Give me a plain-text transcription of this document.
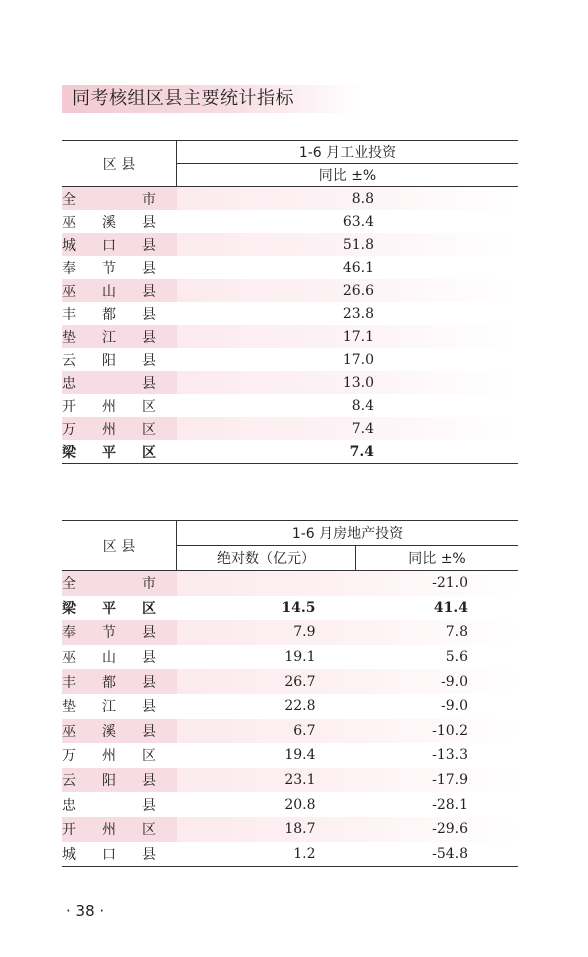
同考核组区县主要统计指标
区 县	1-6 月工业投资
	同比 ±%
全 市	8.8
巫 溪 县	63.4
城 口 县	51.8
奉 节 县	46.1
巫 山 县	26.6
丰 都 县	23.8
垫 江 县	17.1
云 阳 县	17.0
忠 县	13.0
开 州 区	8.4
万 州 区	7.4
梁 平 区	7.4
区 县	1-6 月房地产投资	
	绝对数（亿元）	同比 ±%
全 市		-21.0
梁 平 区	14.5	41.4
奉 节 县	7.9	7.8
巫 山 县	19.1	5.6
丰 都 县	26.7	-9.0
垫 江 县	22.8	-9.0
巫 溪 县	6.7	-10.2
万 州 区	19.4	-13.3
云 阳 县	23.1	-17.9
忠 县	20.8	-28.1
开 州 区	18.7	-29.6
城 口 县	1.2	-54.8
· 38 ·
